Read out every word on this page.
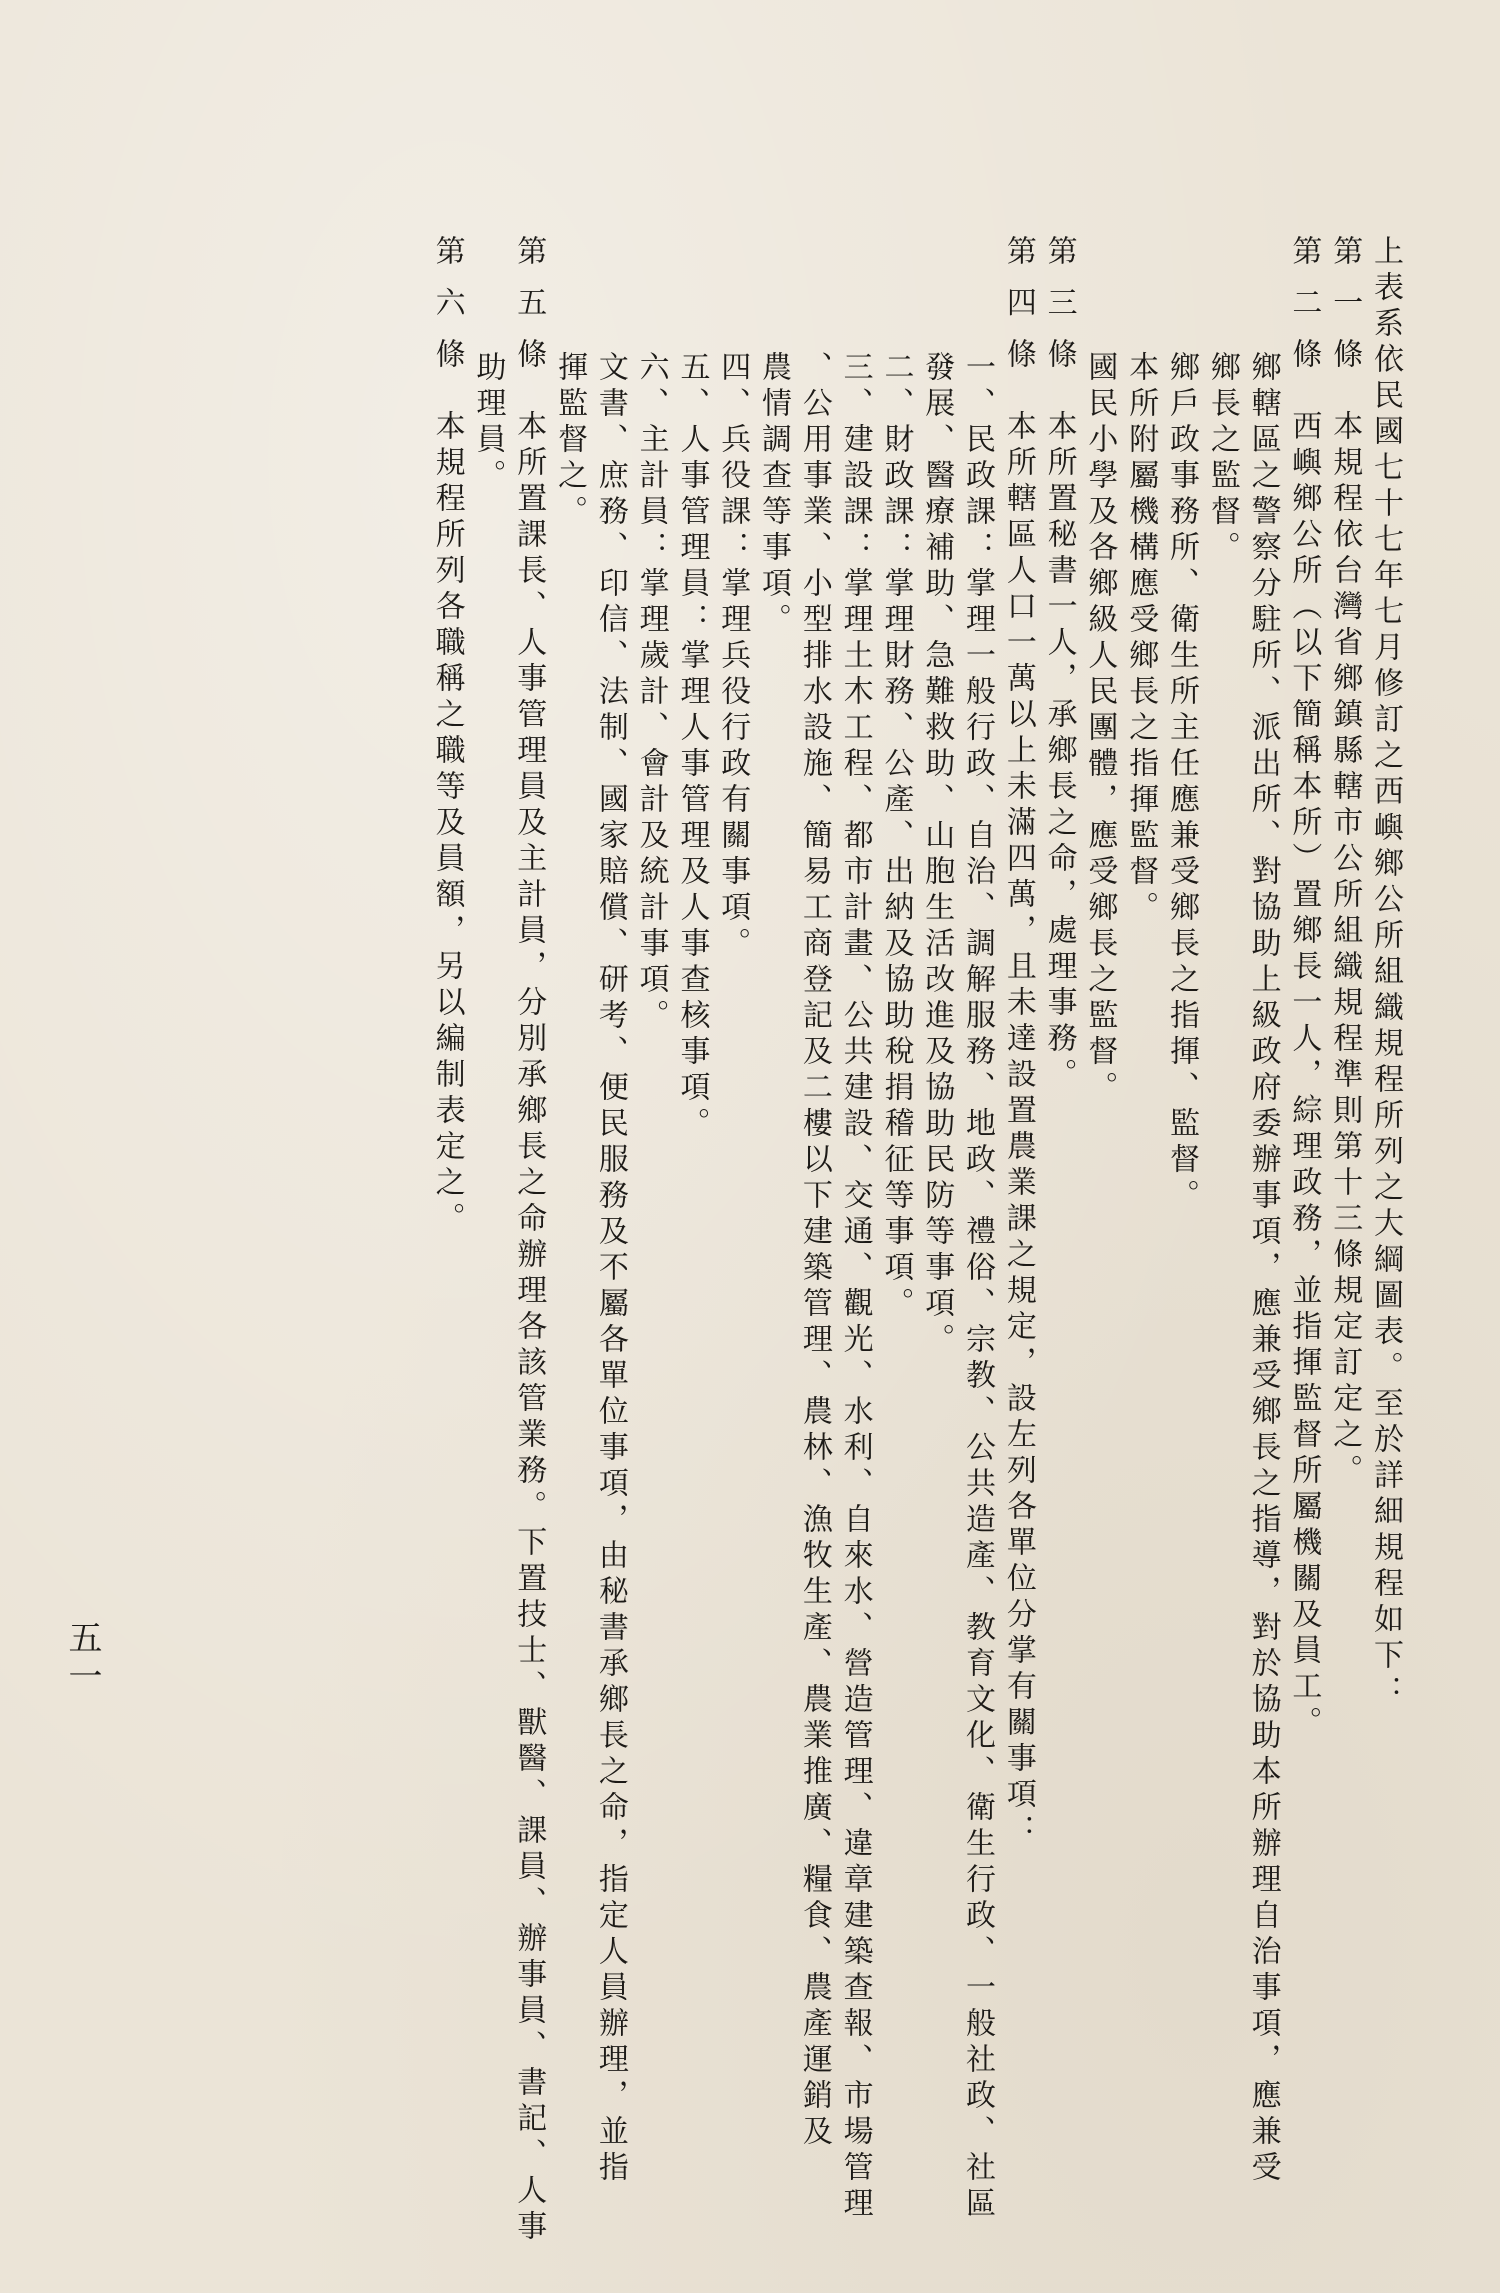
上表系依民國七十七年七月修訂之西嶼鄉公所組織規程所列之大綱圖表。至於詳細規程如下：
第 一 條　本規程依台灣省鄉鎮縣轄市公所組織規程準則第十三條規定訂定之。
第 二 條　西嶼鄉公所（以下簡稱本所）置鄉長一人，綜理政務，並指揮監督所屬機關及員工。
鄉轄區之警察分駐所、派出所、對協助上級政府委辦事項，應兼受鄉長之指導，對於協助本所辦理自治事項，應兼受
鄉長之監督。
鄉戶政事務所、衛生所主任應兼受鄉長之指揮、監督。
本所附屬機構應受鄉長之指揮監督。
國民小學及各鄉級人民團體，應受鄉長之監督。
第 三 條　本所置秘書一人，承鄉長之命，處理事務。
第 四 條　本所轄區人口一萬以上未滿四萬，且未達設置農業課之規定，設左列各單位分掌有關事項：
一、民政課：掌理一般行政、自治、調解服務、地政、禮俗、宗教、公共造產、教育文化、衛生行政、一般社政、社區
發展、醫療補助、急難救助、山胞生活改進及協助民防等事項。
二、財政課：掌理財務、公產、出納及協助稅捐稽征等事項。
三、建設課：掌理土木工程、都市計畫、公共建設、交通、觀光、水利、自來水、營造管理、違章建築查報、市場管理
、公用事業、小型排水設施、簡易工商登記及二樓以下建築管理、農林、漁牧生產、農業推廣、糧食、農產運銷及
農情調查等事項。
四、兵役課：掌理兵役行政有關事項。
五、人事管理員：掌理人事管理及人事查核事項。
六、主計員：掌理歲計、會計及統計事項。
文書、庶務、印信、法制、國家賠償、研考、便民服務及不屬各單位事項，由秘書承鄉長之命，指定人員辦理，並指
揮監督之。
第 五 條　本所置課長、人事管理員及主計員，分別承鄉長之命辦理各該管業務。下置技士、獸醫、課員、辦事員、書記、人事
助理員。
第 六 條　本規程所列各職稱之職等及員額，另以編制表定之。
五一
